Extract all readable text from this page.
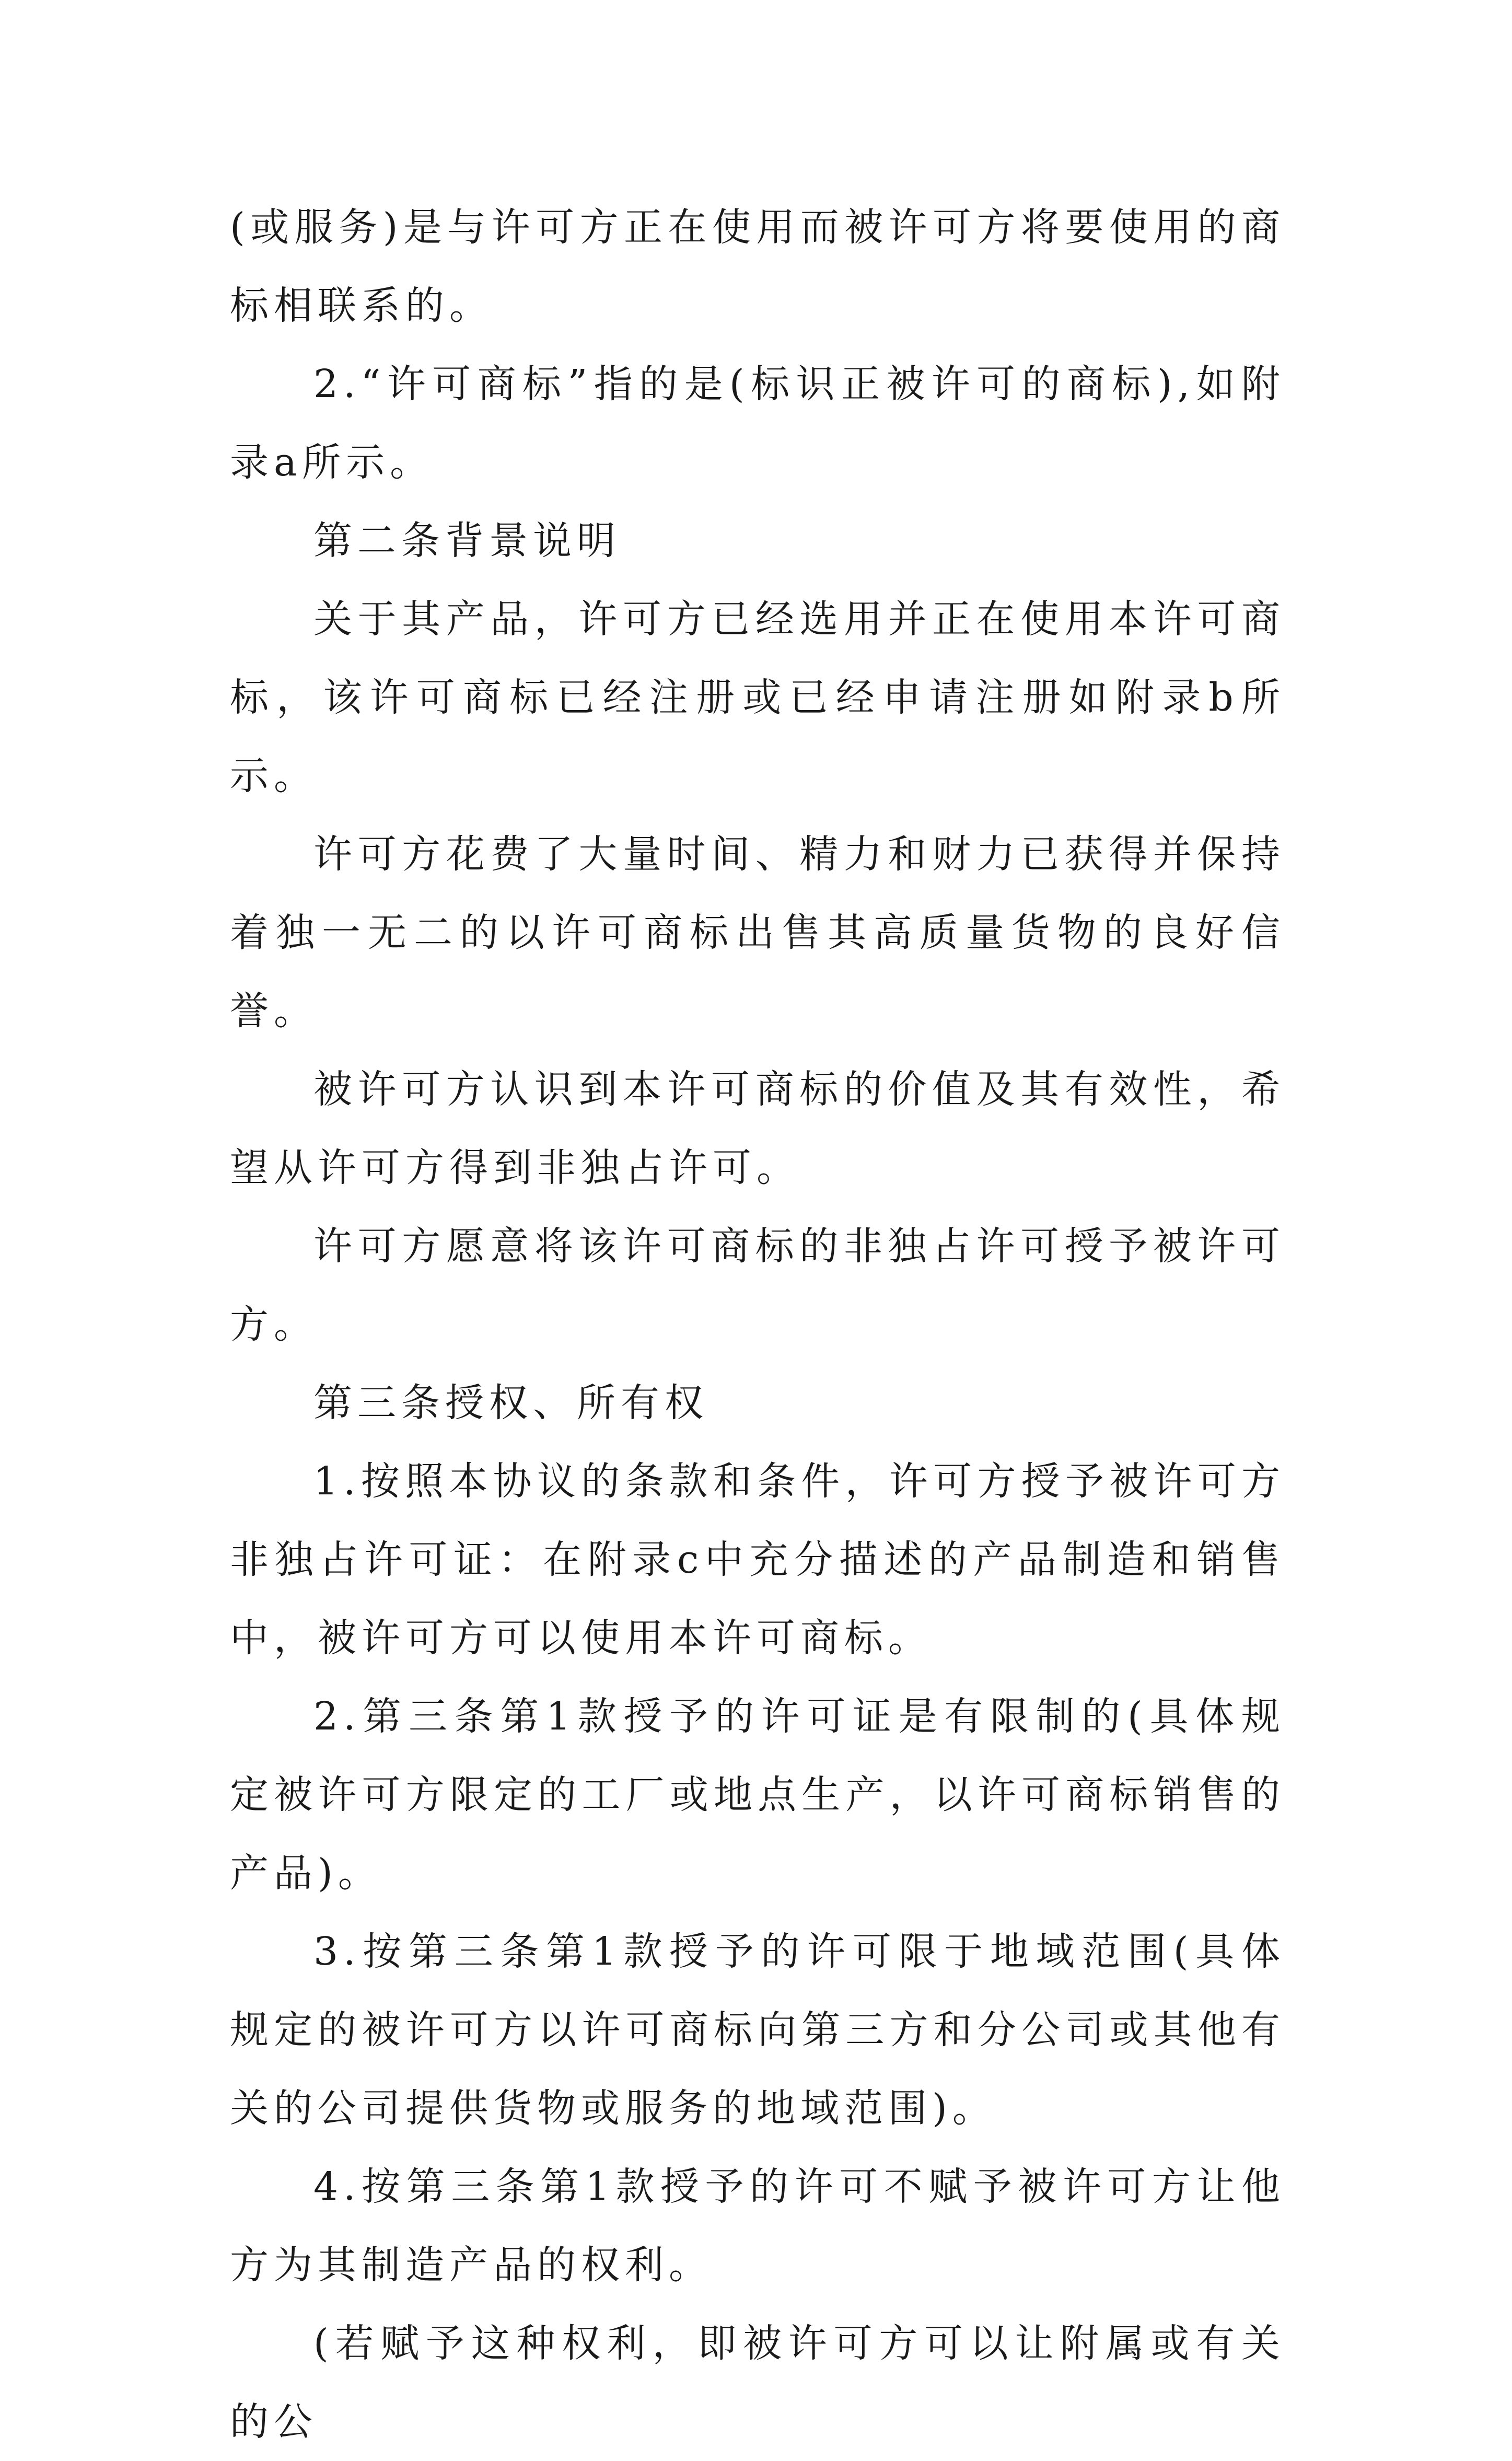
(或服务)是与许可方正在使用而被许可方将要使用的商标相联系的。

2.“许可商标”指的是(标识正被许可的商标),如附录a所示。

第二条背景说明

关于其产品，许可方已经选用并正在使用本许可商标，该许可商标已经注册或已经申请注册如附录b所示。

许可方花费了大量时间、精力和财力已获得并保持着独一无二的以许可商标出售其高质量货物的良好信誉。

被许可方认识到本许可商标的价值及其有效性，希望从许可方得到非独占许可。

许可方愿意将该许可商标的非独占许可授予被许可方。

第三条授权、所有权

1.按照本协议的条款和条件，许可方授予被许可方非独占许可证：在附录c中充分描述的产品制造和销售中，被许可方可以使用本许可商标。

2.第三条第1款授予的许可证是有限制的(具体规定被许可方限定的工厂或地点生产，以许可商标销售的产品)。

3.按第三条第1款授予的许可限于地域范围(具体规定的被许可方以许可商标向第三方和分公司或其他有关的公司提供货物或服务的地域范围)。

4.按第三条第1款授予的许可不赋予被许可方让他方为其制造产品的权利。

(若赋予这种权利，即被许可方可以让附属或有关的公
